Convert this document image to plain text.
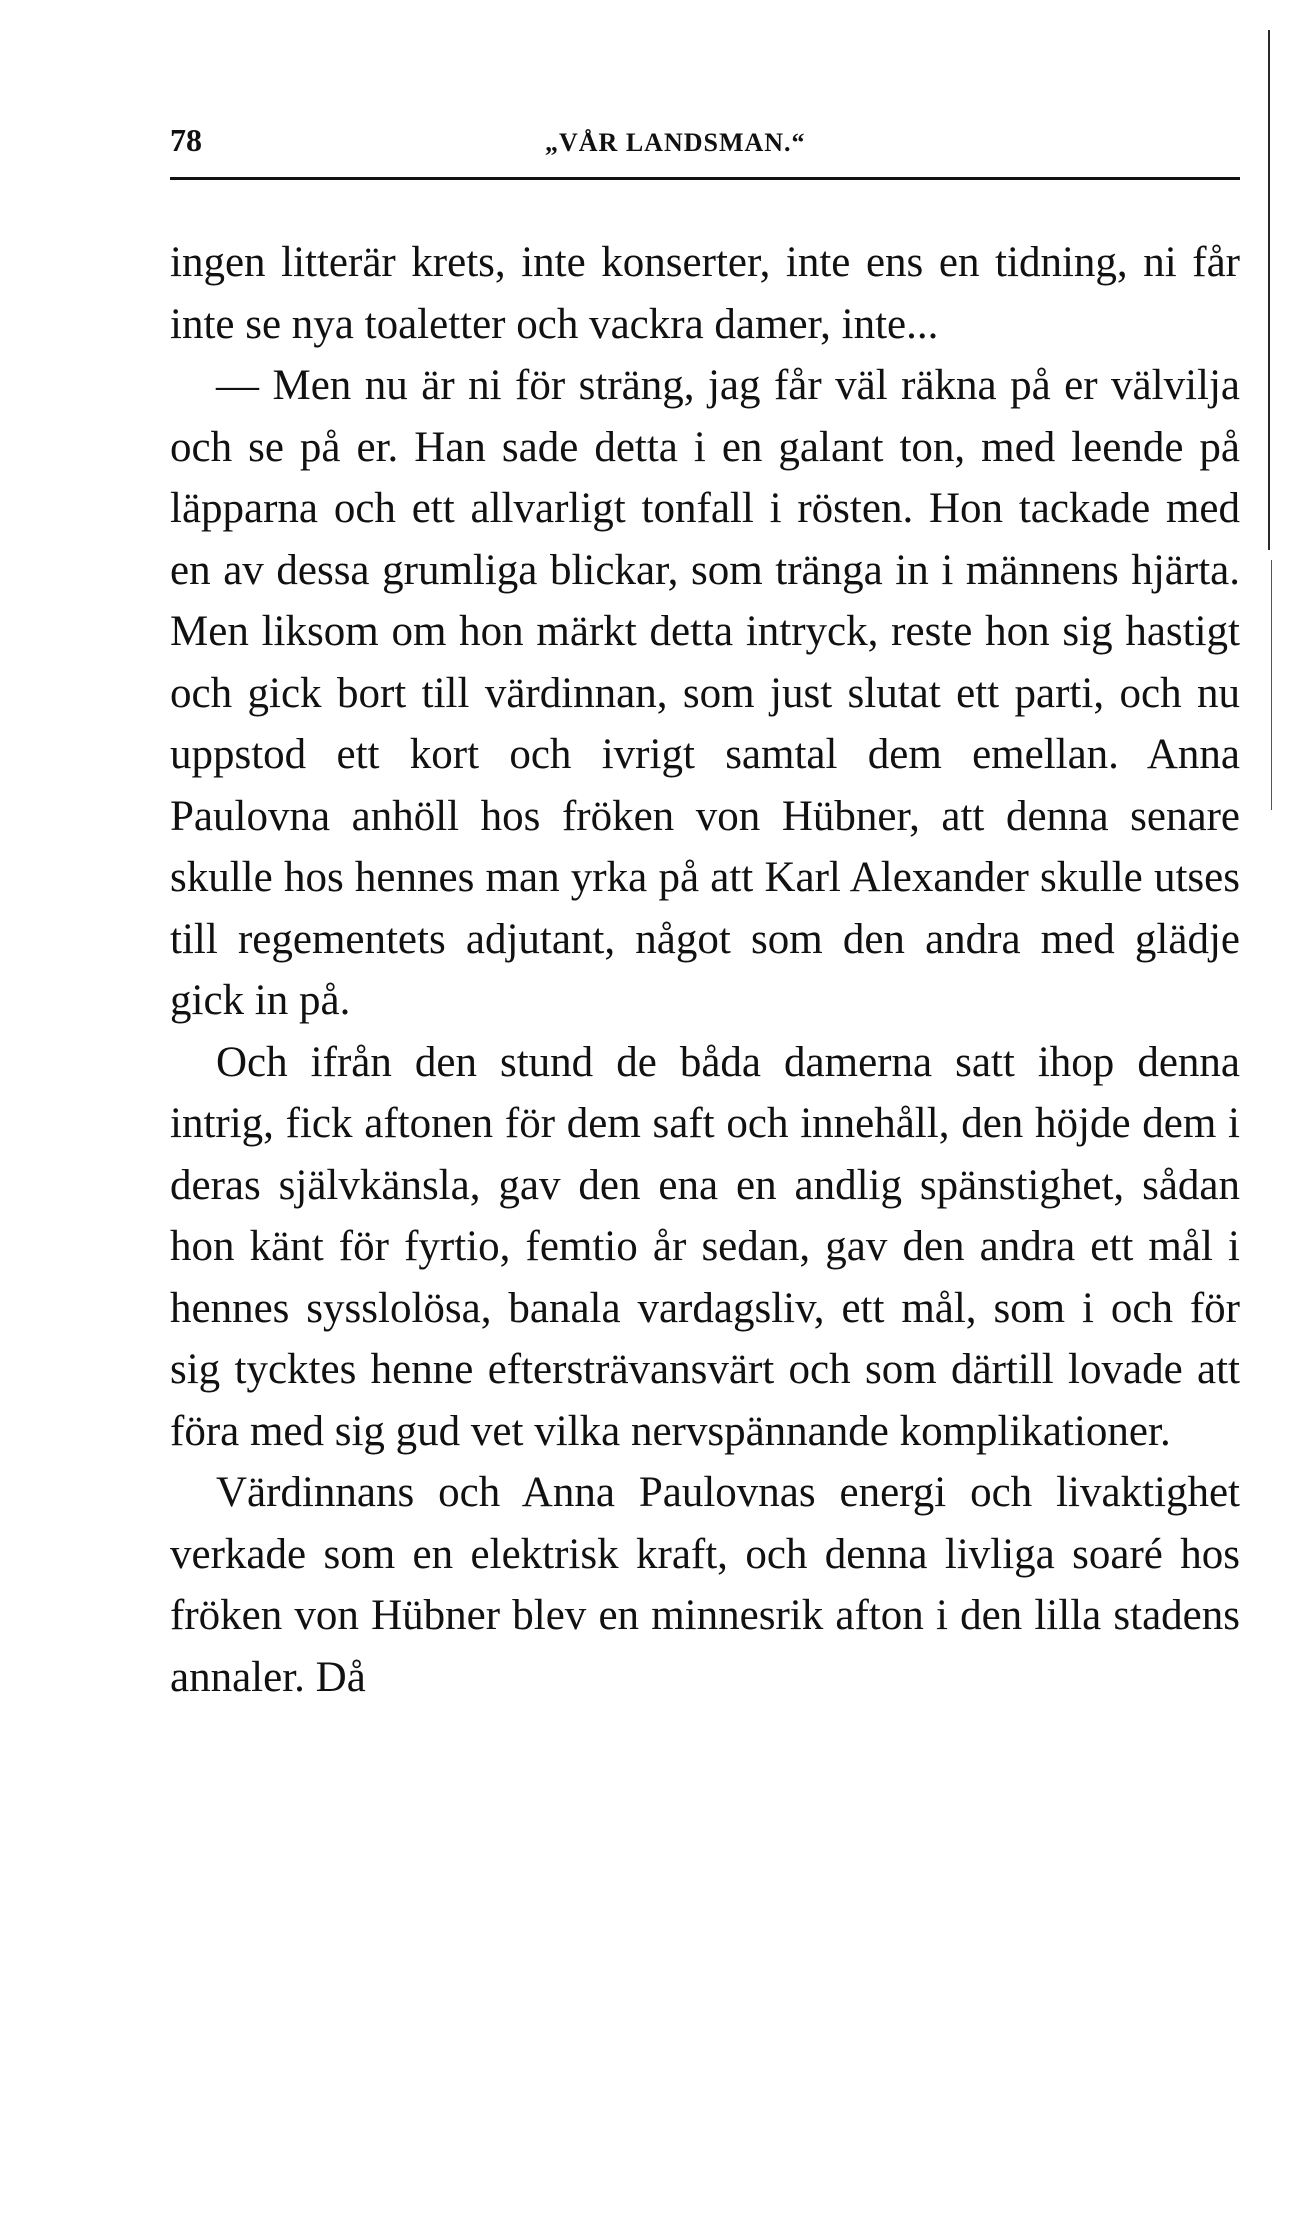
78	„VÅR LANDSMAN.“

ingen litterär krets, inte konserter, inte ens en tidning, ni får inte se nya toaletter och vackra damer, inte...

— Men nu är ni för sträng, jag får väl räkna på er välvilja och se på er. Han sade detta i en galant ton, med leende på läpparna och ett allvarligt tonfall i rösten. Hon tackade med en av dessa grumliga blickar, som tränga in i männens hjärta. Men liksom om hon märkt detta intryck, reste hon sig hastigt och gick bort till värdinnan, som just slutat ett parti, och nu uppstod ett kort och ivrigt samtal dem emellan. Anna Paulovna anhöll hos fröken von Hübner, att denna senare skulle hos hennes man yrka på att Karl Alexander skulle utses till regementets adjutant, något som den andra med glädje gick in på.

Och ifrån den stund de båda damerna satt ihop denna intrig, fick aftonen för dem saft och innehåll, den höjde dem i deras självkänsla, gav den ena en andlig spänstighet, sådan hon känt för fyrtio, femtio år sedan, gav den andra ett mål i hennes sysslolösa, banala vardagsliv, ett mål, som i och för sig tycktes henne eftersträvansvärt och som därtill lovade att föra med sig gud vet vilka nervspännande komplikationer.

Värdinnans och Anna Paulovnas energi och livaktighet verkade som en elektrisk kraft, och denna livliga soaré hos fröken von Hübner blev en minnesrik afton i den lilla stadens annaler. Då
